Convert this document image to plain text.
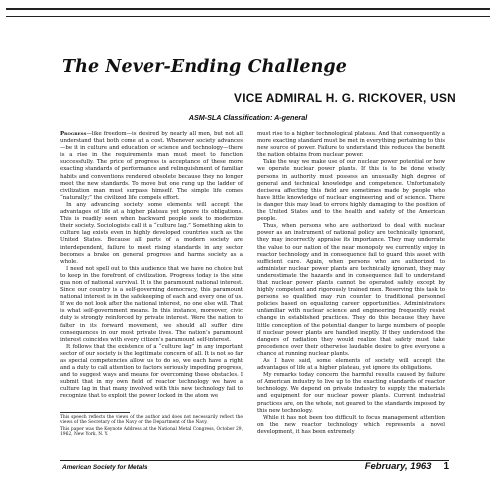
The Never-Ending Challenge
VICE ADMIRAL H. G. RICKOVER, USN
ASM-SLA Classification: A-general

Progress—like freedom—is desired by nearly all men, but not all understand that both come at a cost. Whenever society advances—be it in culture and education or science and technology—there is a rise in the requirements man must meet to function successfully. The price of progress is acceptance of these more exacting standards of performance and relinquishment of familiar habits and conventions rendered obsolete because they no longer meet the new standards. To move but one rung up the ladder of civilization man must surpass himself. The simple life comes “naturally;” the civilized life compels effort.

In any advancing society some elements will accept the advantages of life at a higher plateau yet ignore its obligations. This is readily seen when backward people seek to modernize their society. Sociologists call it a “culture lag.” Something akin to culture lag exists even in highly developed countries such as the United States. Because all parts of a modern society are interdependent, failure to meet rising standards in any sector becomes a brake on general progress and harms society as a whole.

I need not spell out to this audience that we have no choice but to keep in the forefront of civilization. Progress today is the sine qua non of national survival. It is the paramount national interest. Since our country is a self-governing democracy, this paramount national interest is in the safekeeping of each and every one of us. If we do not look after the national interest, no one else will. That is what self-government means. In this instance, moreover, civic duty is strongly reinforced by private interest. Were the nation to falter in its forward movement, we should all suffer dire consequences in our most private lives. The nation’s paramount interest coincides with every citizen’s paramount self-interest.

It follows that the existence of a “culture lag” in any important sector of our society is the legitimate concern of all. It is not so far as special competencies allow us to do so, we each have a right and a duty to call attention to factors seriously impeding progress, and to suggest ways and means for overcoming these obstacles. I submit that in my own field of reactor technology we have a culture lag in that many involved with this new technology fail to recognize that to exploit the power locked in the atom we

must rise to a higher technological plateau. And that consequently a more exacting standard must be met in everything pertaining to this new source of power. Failure to understand this reduces the benefit the nation obtains from nuclear power.

Take the way we make use of our nuclear power potential or how we operate nuclear power plants. If this is to be done wisely persons in authority must possess an unusually high degree of general and technical knowledge and competence. Unfortunately deciseva affecting this field are sometimes made by people who have little knowledge of nuclear engineering and of science. There is danger this may lead to errors highly damaging to the position of the United States and to the health and safety of the American people.

Thus, when persons who are authorized to deal with nuclear power as an instrument of national policy are technically ignorant, they may incorrectly appraise its importance. They may underrate the value to our nation of the near monopoly we currently enjoy in reactor technology and in consequence fail to guard this asset with sufficient care. Again, when persons who are authorized to administer nuclear power plants are technically ignorant, they may underestimate the hazards and in consequence fail to understand that nuclear power plants cannot be operated safely except by highly competent and rigorously trained men. Reserving this task to persons so qualified may run counter to traditional personnel policies based on equalizing career opportunities. Administrators unfamiliar with nuclear science and engineering frequently resist change in established practices. They do this because they have little conception of the potential danger to large numbers of people if nuclear power plants are handled ineptly. If they understood the dangers of radiation they would realize that safety must take precedence over their otherwise laudable desire to give everyone a chance at running nuclear plants.

As I have said, some elements of society will accept the advantages of life at a higher plateau, yet ignore its obligations.

My remarks today concern the harmful results caused by failure of American industry to live up to the exacting standards of reactor technology. We depend on private industry to supply the materials and equipment for our nuclear power plants. Current industrial practices are, on the whole, not geared to the standards imposed by this new technology.

While it has not been too difficult to focus management attention on the new reactor technology which represents a novel development, it has been extremely

This speech reflects the views of the author and does not necessarily reflect the views of the Secretary of the Navy or the Department of the Navy.
This paper was the Keynote Address at the National Metal Congress, October 29, 1962, New York, N. Y.
American Society for Metals	February, 1963 1
